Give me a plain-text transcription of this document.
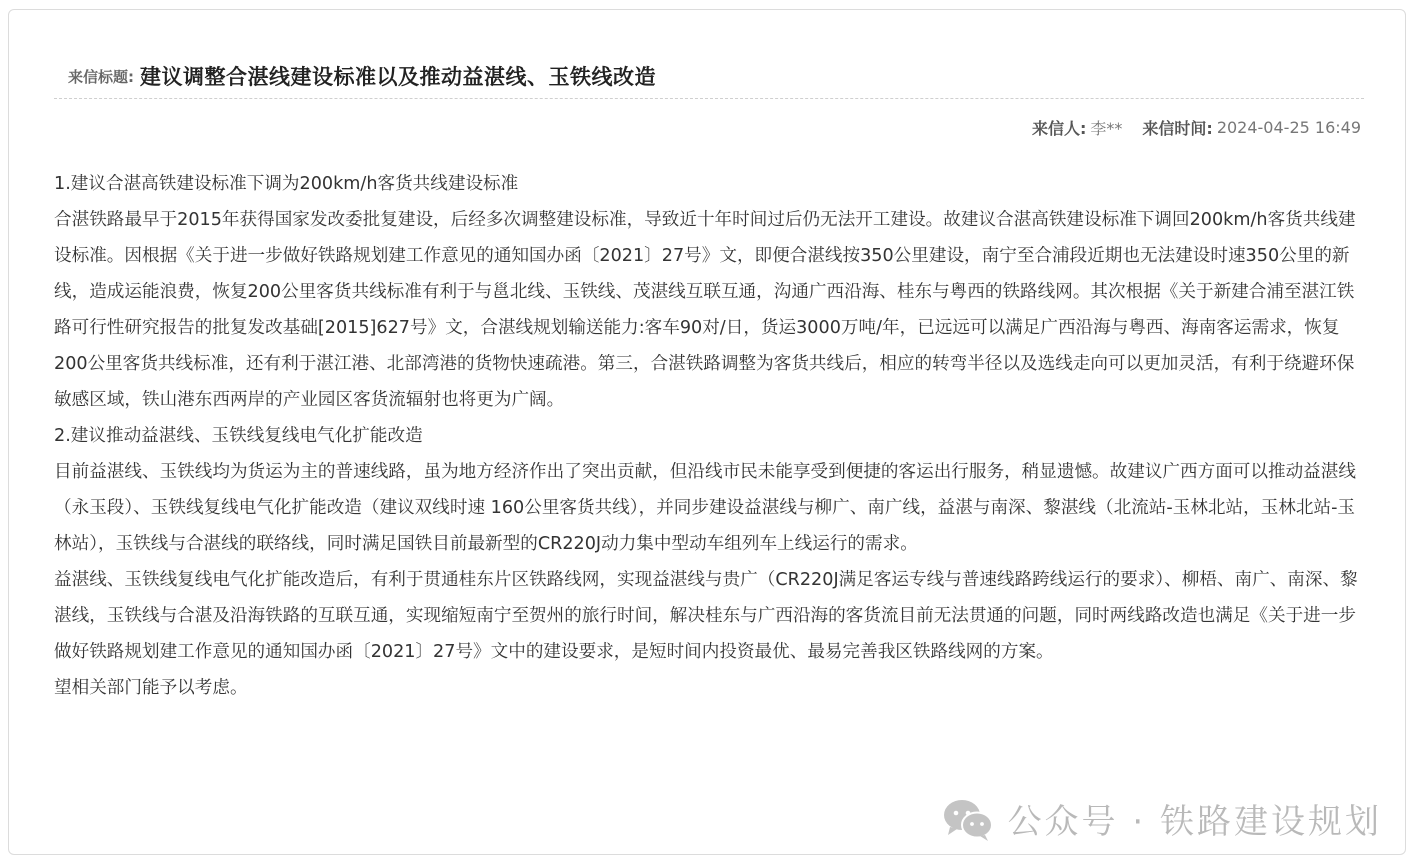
来信标题: 建议调整合湛线建设标准以及推动益湛线、玉铁线改造
来信人: 李** 来信时间: 2024-04-25 16:49

1.建议合湛高铁建设标准下调为200km/h客货共线建设标准

合湛铁路最早于2015年获得国家发改委批复建设，后经多次调整建设标准，导致近十年时间过后仍无法开工建设。故建议合湛高铁建设标准下调回200km/h客货共线建设标准。因根据《关于进一步做好铁路规划建工作意见的通知国办函〔2021〕27号》文，即便合湛线按350公里建设，南宁至合浦段近期也无法建设时速350公里的新线，造成运能浪费，恢复200公里客货共线标准有利于与邕北线、玉铁线、茂湛线互联互通，沟通广西沿海、桂东与粤西的铁路线网。其次根据《关于新建合浦至湛江铁路可行性研究报告的批复发改基础[2015]627号》文，合湛线规划输送能力:客车90对/日，货运3000万吨/年，已远远可以满足广西沿海与粤西、海南客运需求，恢复200公里客货共线标准，还有利于湛江港、北部湾港的货物快速疏港。第三，合湛铁路调整为客货共线后，相应的转弯半径以及选线走向可以更加灵活，有利于绕避环保敏感区域，铁山港东西两岸的产业园区客货流辐射也将更为广阔。

2.建议推动益湛线、玉铁线复线电气化扩能改造

目前益湛线、玉铁线均为货运为主的普速线路，虽为地方经济作出了突出贡献，但沿线市民未能享受到便捷的客运出行服务，稍显遗憾。故建议广西方面可以推动益湛线（永玉段）、玉铁线复线电气化扩能改造（建议双线时速 160公里客货共线），并同步建设益湛线与柳广、南广线，益湛与南深、黎湛线（北流站-玉林北站，玉林北站-玉林站），玉铁线与合湛线的联络线，同时满足国铁目前最新型的CR220J动力集中型动车组列车上线运行的需求。

益湛线、玉铁线复线电气化扩能改造后，有利于贯通桂东片区铁路线网，实现益湛线与贵广（CR220J满足客运专线与普速线路跨线运行的要求）、柳梧、南广、南深、黎湛线，玉铁线与合湛及沿海铁路的互联互通，实现缩短南宁至贺州的旅行时间，解决桂东与广西沿海的客货流目前无法贯通的问题，同时两线路改造也满足《关于进一步做好铁路规划建工作意见的通知国办函〔2021〕27号》文中的建设要求，是短时间内投资最优、最易完善我区铁路线网的方案。

望相关部门能予以考虑。

公众号 · 铁路建设规划
